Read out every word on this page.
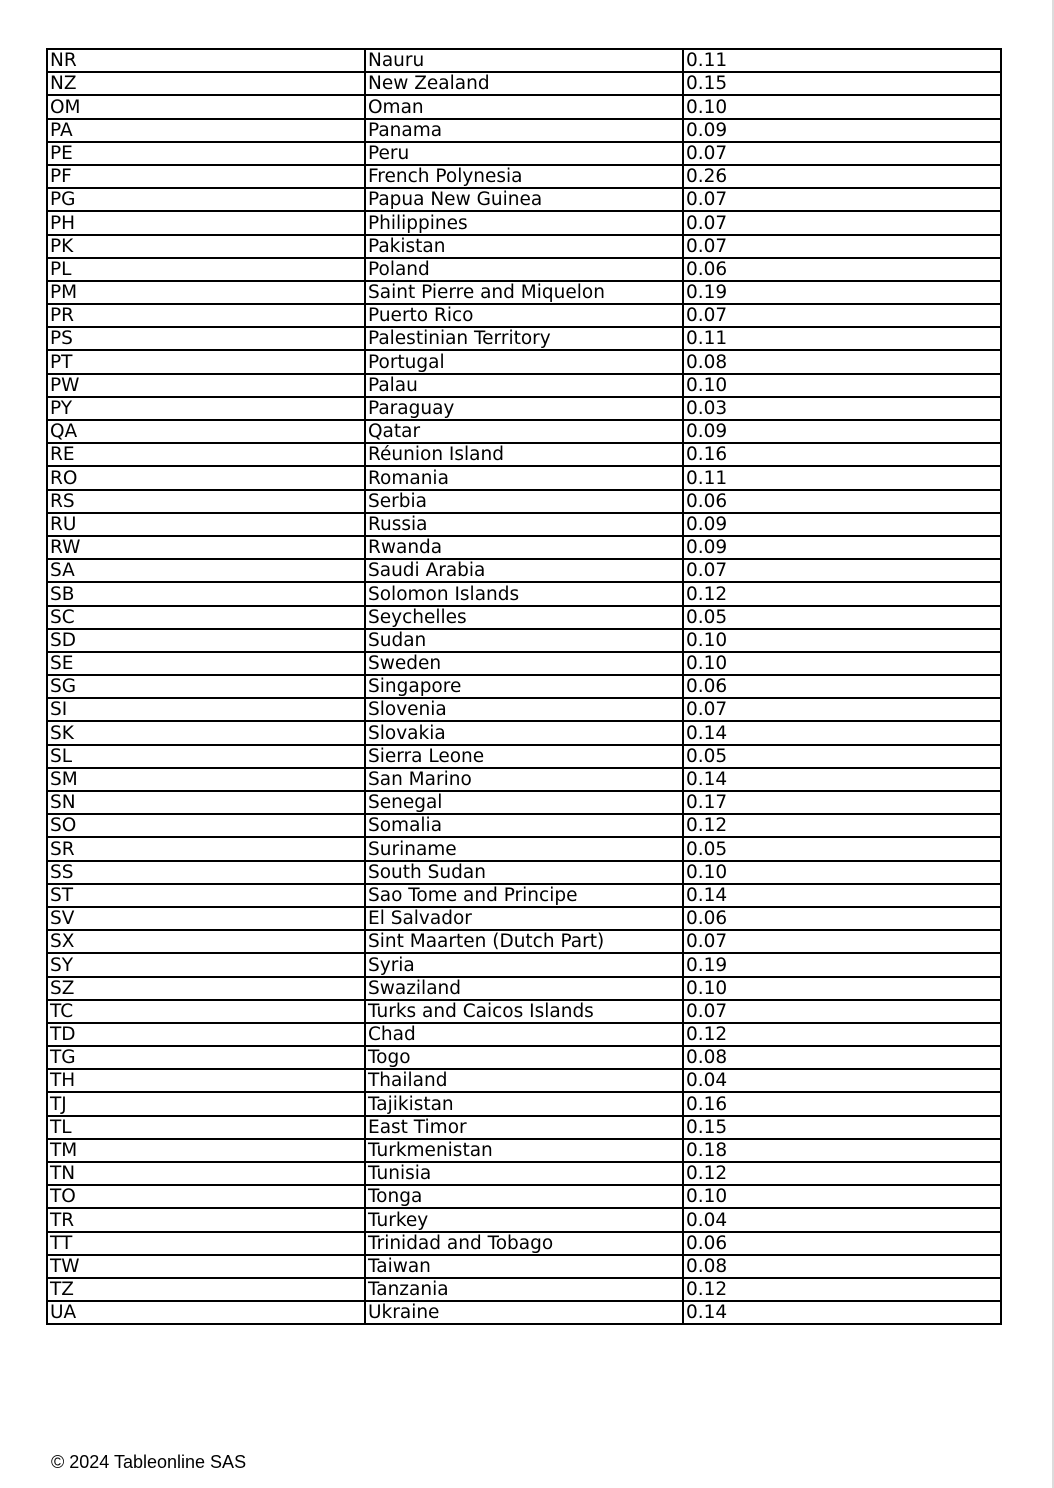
NR	Nauru	0.11
NZ	New Zealand	0.15
OM	Oman	0.10
PA	Panama	0.09
PE	Peru	0.07
PF	French Polynesia	0.26
PG	Papua New Guinea	0.07
PH	Philippines	0.07
PK	Pakistan	0.07
PL	Poland	0.06
PM	Saint Pierre and Miquelon	0.19
PR	Puerto Rico	0.07
PS	Palestinian Territory	0.11
PT	Portugal	0.08
PW	Palau	0.10
PY	Paraguay	0.03
QA	Qatar	0.09
RE	Réunion Island	0.16
RO	Romania	0.11
RS	Serbia	0.06
RU	Russia	0.09
RW	Rwanda	0.09
SA	Saudi Arabia	0.07
SB	Solomon Islands	0.12
SC	Seychelles	0.05
SD	Sudan	0.10
SE	Sweden	0.10
SG	Singapore	0.06
SI	Slovenia	0.07
SK	Slovakia	0.14
SL	Sierra Leone	0.05
SM	San Marino	0.14
SN	Senegal	0.17
SO	Somalia	0.12
SR	Suriname	0.05
SS	South Sudan	0.10
ST	Sao Tome and Principe	0.14
SV	El Salvador	0.06
SX	Sint Maarten (Dutch Part)	0.07
SY	Syria	0.19
SZ	Swaziland	0.10
TC	Turks and Caicos Islands	0.07
TD	Chad	0.12
TG	Togo	0.08
TH	Thailand	0.04
TJ	Tajikistan	0.16
TL	East Timor	0.15
TM	Turkmenistan	0.18
TN	Tunisia	0.12
TO	Tonga	0.10
TR	Turkey	0.04
TT	Trinidad and Tobago	0.06
TW	Taiwan	0.08
TZ	Tanzania	0.12
UA	Ukraine	0.14
© 2024 Tableonline SAS
